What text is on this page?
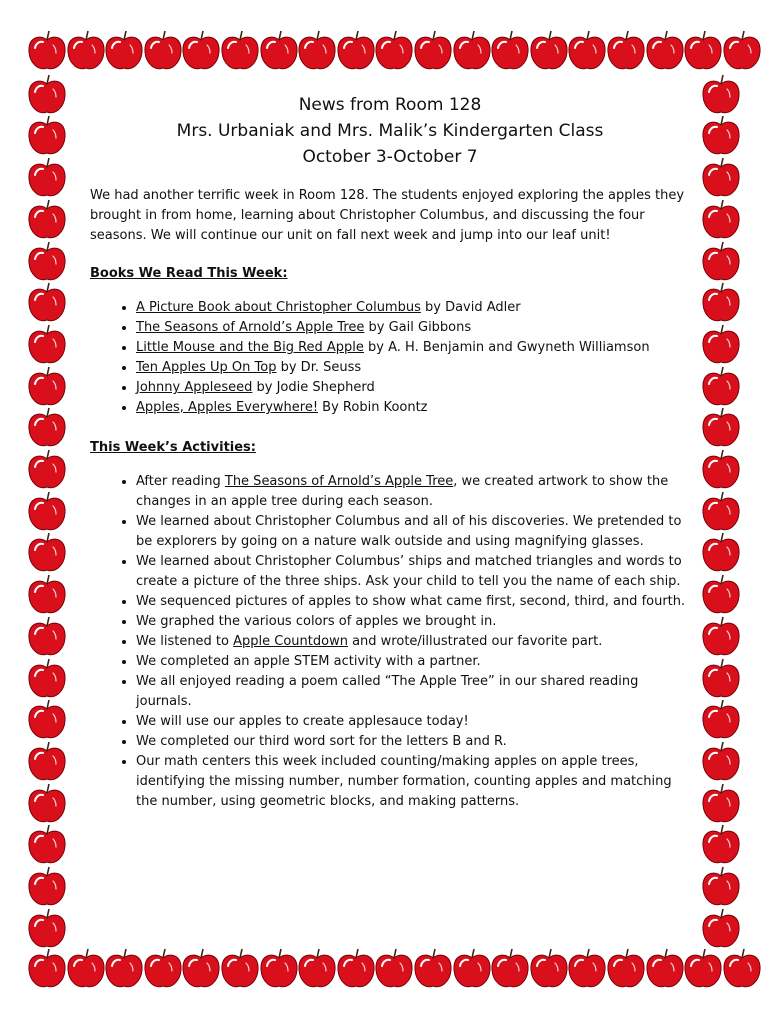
News from Room 128
Mrs. Urbaniak and Mrs. Malik’s Kindergarten Class
October 3-October 7

We had another terrific week in Room 128. The students enjoyed exploring the apples they brought in from home, learning about Christopher Columbus, and discussing the four seasons. We will continue our unit on fall next week and jump into our leaf unit!

Books We Read This Week:
• A Picture Book about Christopher Columbus by David Adler
• The Seasons of Arnold’s Apple Tree by Gail Gibbons
• Little Mouse and the Big Red Apple by A. H. Benjamin and Gwyneth Williamson
• Ten Apples Up On Top by Dr. Seuss
• Johnny Appleseed by Jodie Shepherd
• Apples, Apples Everywhere! By Robin Koontz
This Week’s Activities:
• After reading The Seasons of Arnold’s Apple Tree, we created artwork to show the changes in an apple tree during each season.
• We learned about Christopher Columbus and all of his discoveries. We pretended to be explorers by going on a nature walk outside and using magnifying glasses.
• We learned about Christopher Columbus’ ships and matched triangles and words to create a picture of the three ships. Ask your child to tell you the name of each ship.
• We sequenced pictures of apples to show what came first, second, third, and fourth.
• We graphed the various colors of apples we brought in.
• We listened to Apple Countdown and wrote/illustrated our favorite part.
• We completed an apple STEM activity with a partner.
• We all enjoyed reading a poem called “The Apple Tree” in our shared reading journals.
• We will use our apples to create applesauce today!
• We completed our third word sort for the letters B and R.
• Our math centers this week included counting/making apples on apple trees, identifying the missing number, number formation, counting apples and matching the number, using geometric blocks, and making patterns.
